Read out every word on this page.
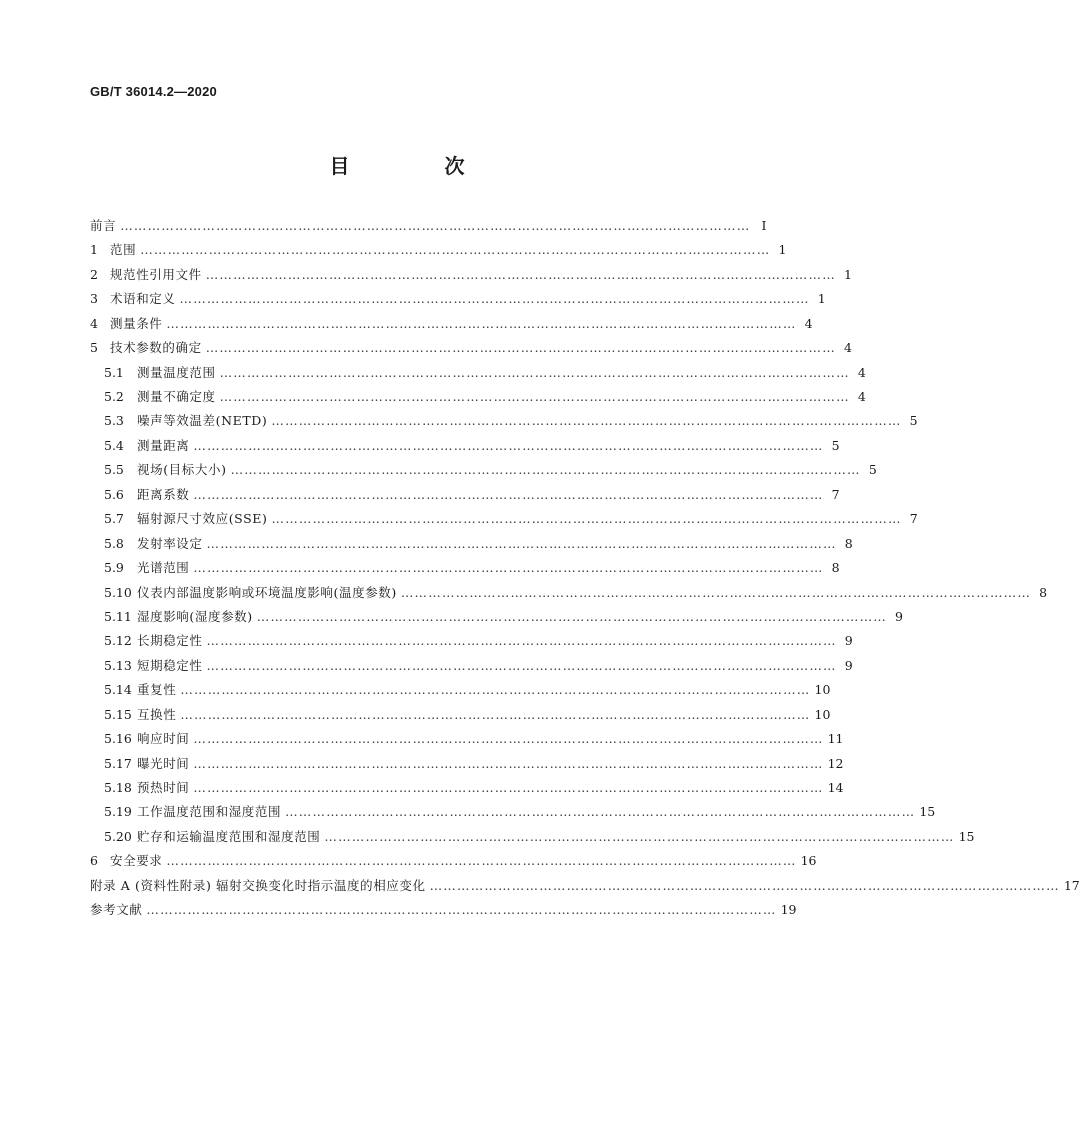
GB/T 36014.2—2020
目 次
前言 ………………………………………………………………………………………………………………………… Ⅰ
1 范围 ………………………………………………………………………………………………………………………… 1
2 规范性引用文件 ………………………………………………………………………………………………………………………… 1
3 术语和定义 ………………………………………………………………………………………………………………………… 1
4 测量条件 ………………………………………………………………………………………………………………………… 4
5 技术参数的确定 ………………………………………………………………………………………………………………………… 4
5.1	测量温度范围 ………………………………………………………………………………………………………………………… 4
5.2	测量不确定度 ………………………………………………………………………………………………………………………… 4
5.3	噪声等效温差(NETD) ………………………………………………………………………………………………………………………… 5
5.4	测量距离 ………………………………………………………………………………………………………………………… 5
5.5	视场(目标大小) ………………………………………………………………………………………………………………………… 5
5.6	距离系数 ………………………………………………………………………………………………………………………… 7
5.7	辐射源尺寸效应(SSE) ………………………………………………………………………………………………………………………… 7
5.8	发射率设定 ………………………………………………………………………………………………………………………… 8
5.9	光谱范围 ………………………………………………………………………………………………………………………… 8
5.10 仪表内部温度影响或环境温度影响(温度参数) ………………………………………………………………………………………………………………………… 8
5.11 湿度影响(湿度参数) ………………………………………………………………………………………………………………………… 9
5.12 长期稳定性 ………………………………………………………………………………………………………………………… 9
5.13 短期稳定性 ………………………………………………………………………………………………………………………… 9
5.14 重复性 ………………………………………………………………………………………………………………………… 10
5.15 互换性 ………………………………………………………………………………………………………………………… 10
5.16 响应时间 ………………………………………………………………………………………………………………………… 11
5.17 曝光时间 ………………………………………………………………………………………………………………………… 12
5.18 预热时间 ………………………………………………………………………………………………………………………… 14
5.19 工作温度范围和湿度范围 ………………………………………………………………………………………………………………………… 15
5.20 贮存和运输温度范围和湿度范围 ………………………………………………………………………………………………………………………… 15
6 安全要求 ………………………………………………………………………………………………………………………… 16
附录 A (资料性附录) 辐射交换变化时指示温度的相应变化 ………………………………………………………………………………………………………………………… 17
参考文献 ………………………………………………………………………………………………………………………… 19
